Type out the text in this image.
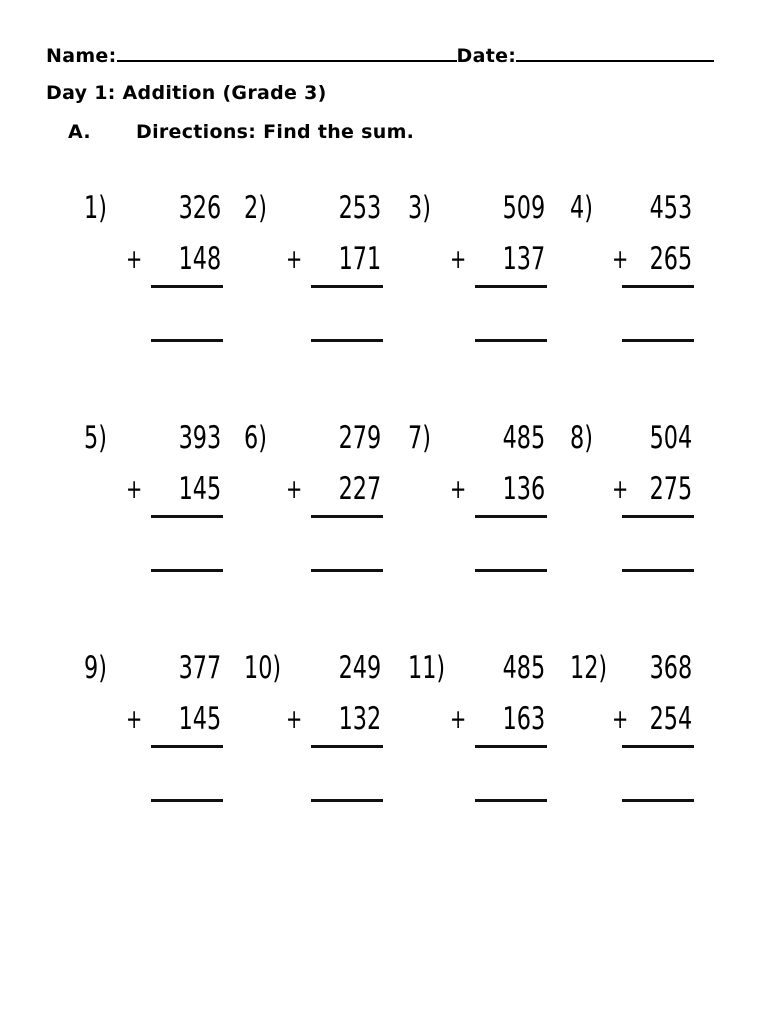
Name:	Date:
Day 1: Addition (Grade 3)
A. Directions: Find the sum.
1) 326
+ 148
2) 253
+ 171
3) 509
+ 137
4) 453
+ 265
5) 393
+ 145
6) 279
+ 227
7) 485
+ 136
8) 504
+ 275
9) 377
+ 145
10) 249
+ 132
11) 485
+ 163
12) 368
+ 254
